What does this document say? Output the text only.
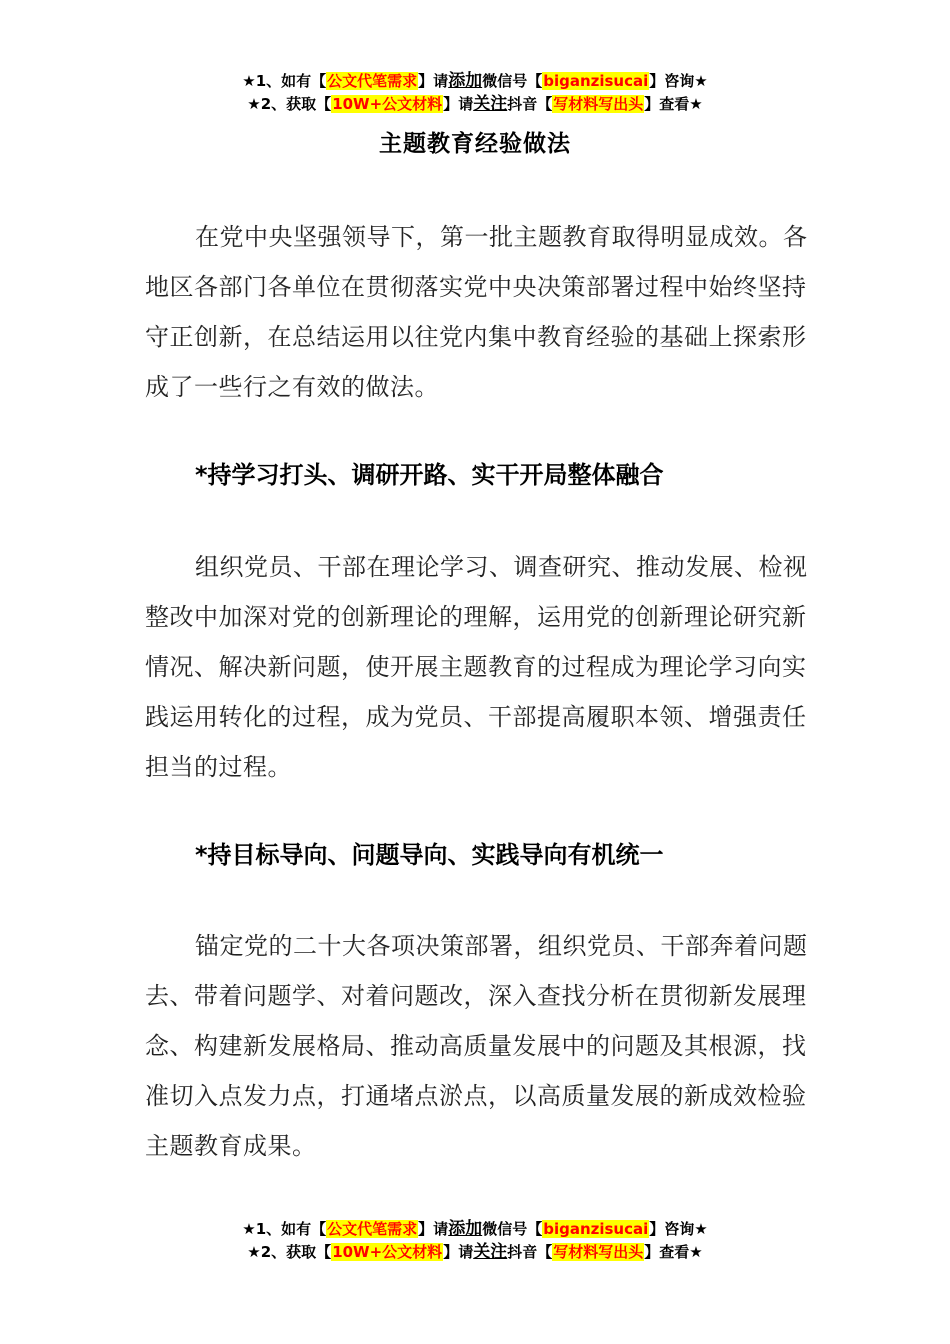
★1、如有【公文代笔需求】请添加微信号【biganzisucai】咨询★
★2、获取【10W+公文材料】请关注抖音【写材料写出头】查看★
主题教育经验做法

在党中央坚强领导下，第一批主题教育取得明显成效。各地区各部门各单位在贯彻落实党中央决策部署过程中始终坚持守正创新，在总结运用以往党内集中教育经验的基础上探索形成了一些行之有效的做法。

*持学习打头、调研开路、实干开局整体融合

组织党员、干部在理论学习、调查研究、推动发展、检视整改中加深对党的创新理论的理解，运用党的创新理论研究新情况、解决新问题，使开展主题教育的过程成为理论学习向实践运用转化的过程，成为党员、干部提高履职本领、增强责任担当的过程。

*持目标导向、问题导向、实践导向有机统一

锚定党的二十大各项决策部署，组织党员、干部奔着问题去、带着问题学、对着问题改，深入查找分析在贯彻新发展理念、构建新发展格局、推动高质量发展中的问题及其根源，找准切入点发力点，打通堵点淤点，以高质量发展的新成效检验主题教育成果。

★1、如有【公文代笔需求】请添加微信号【biganzisucai】咨询★
★2、获取【10W+公文材料】请关注抖音【写材料写出头】查看★
